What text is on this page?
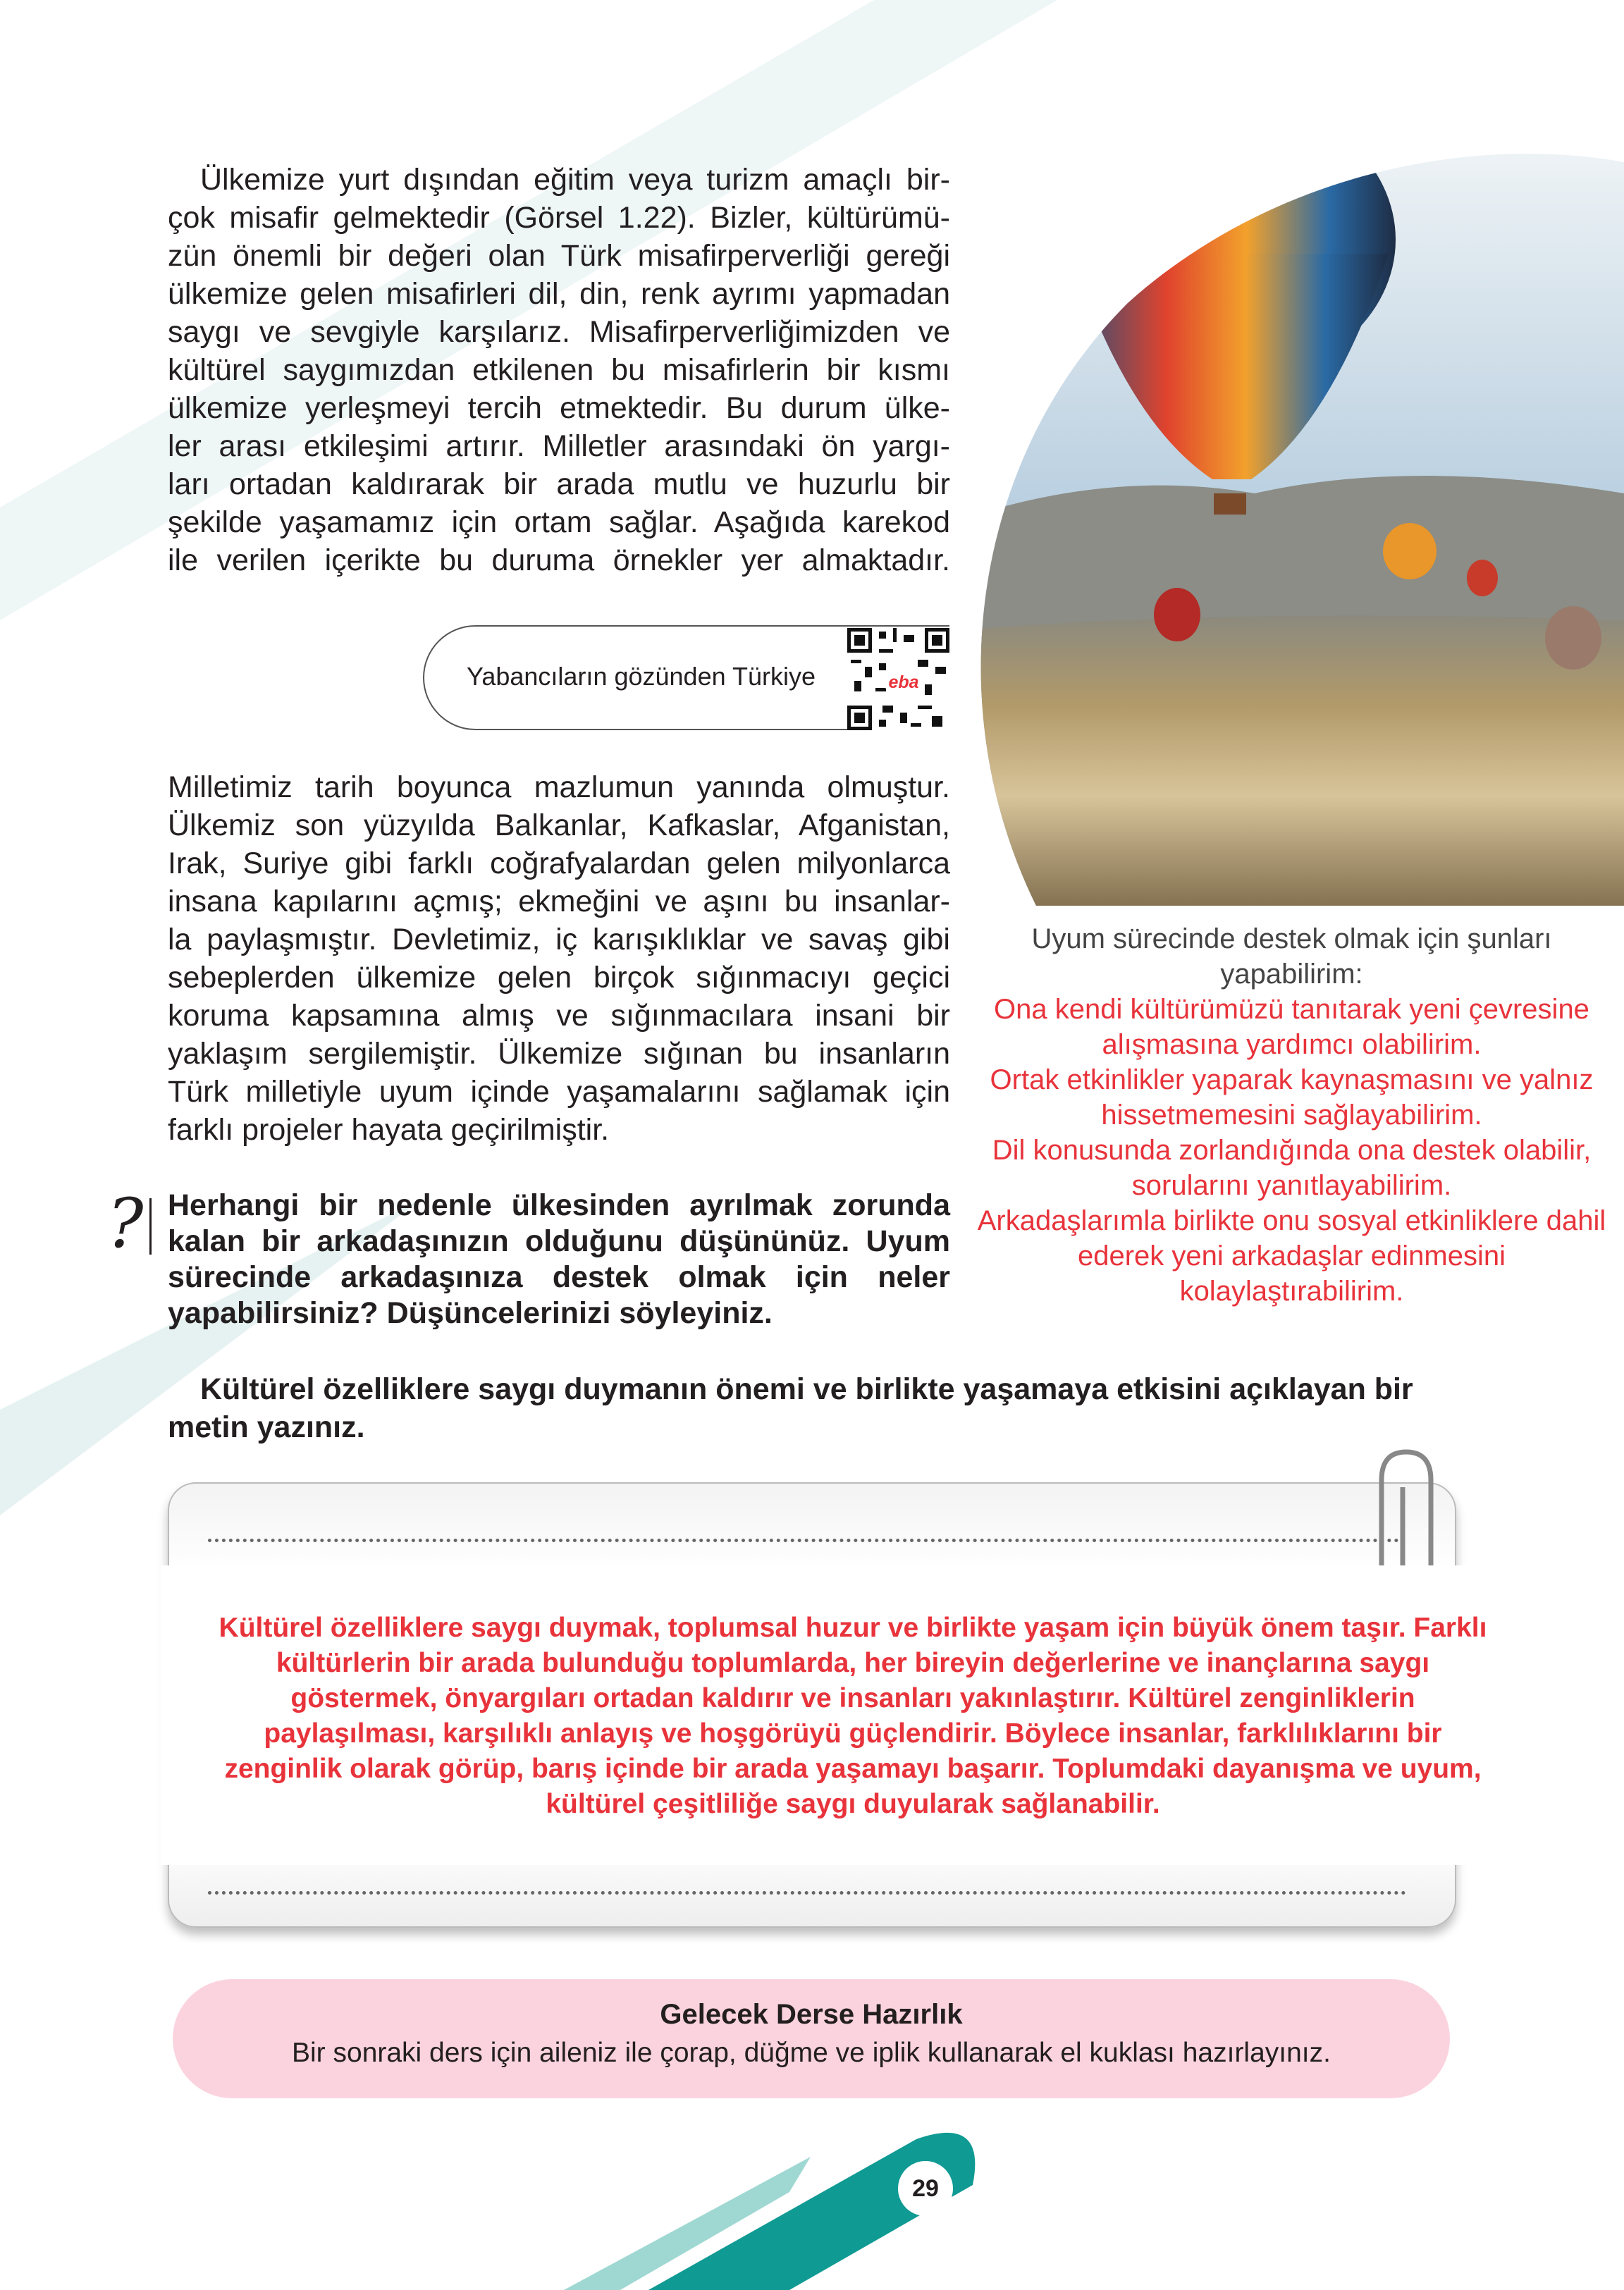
Ülkemize yurt dışından eğitim veya turizm amaçlı bir-
çok misafir gelmektedir (Görsel 1.22). Bizler, kültürümü-
zün önemli bir değeri olan Türk misafirperverliği gereği
ülkemize gelen misafirleri dil, din, renk ayrımı yapmadan
saygı ve sevgiyle karşılarız. Misafirperverliğimizden ve
kültürel saygımızdan etkilenen bu misafirlerin bir kısmı
ülkemize yerleşmeyi tercih etmektedir. Bu durum ülke-
ler arası etkileşimi artırır. Milletler arasındaki ön yargı-
ları ortadan kaldırarak bir arada mutlu ve huzurlu bir
şekilde yaşamamız için ortam sağlar. Aşağıda karekod
ile verilen içerikte bu duruma örnekler yer almaktadır.
Yabancıların gözünden Türkiye	eba
Milletimiz tarih boyunca mazlumun yanında olmuştur.
Ülkemiz son yüzyılda Balkanlar, Kafkaslar, Afganistan,
Irak, Suriye gibi farklı coğrafyalardan gelen milyonlarca
insana kapılarını açmış; ekmeğini ve aşını bu insanlar-
la paylaşmıştır. Devletimiz, iç karışıklıklar ve savaş gibi
sebeplerden ülkemize gelen birçok sığınmacıyı geçici
koruma kapsamına almış ve sığınmacılara insani bir
yaklaşım sergilemiştir. Ülkemize sığınan bu insanların
Türk milletiyle uyum içinde yaşamalarını sağlamak için
farklı projeler hayata geçirilmiştir.
? Herhangi bir nedenle ülkesinden ayrılmak zorunda
kalan bir arkadaşınızın olduğunu düşününüz. Uyum
sürecinde arkadaşınıza destek olmak için neler
yapabilirsiniz? Düşüncelerinizi söyleyiniz.
Uyum sürecinde destek olmak için şunları
yapabilirim:
Ona kendi kültürümüzü tanıtarak yeni çevresine
alışmasına yardımcı olabilirim.
Ortak etkinlikler yaparak kaynaşmasını ve yalnız
hissetmemesini sağlayabilirim.
Dil konusunda zorlandığında ona destek olabilir,
sorularını yanıtlayabilirim.
Arkadaşlarımla birlikte onu sosyal etkinliklere dahil
ederek yeni arkadaşlar edinmesini
kolaylaştırabilirim.
Kültürel özelliklere saygı duymanın önemi ve birlikte yaşamaya etkisini açıklayan bir metin yazınız.
Kültürel özelliklere saygı duymak, toplumsal huzur ve birlikte yaşam için büyük önem taşır. Farklı
kültürlerin bir arada bulunduğu toplumlarda, her bireyin değerlerine ve inançlarına saygı
göstermek, önyargıları ortadan kaldırır ve insanları yakınlaştırır. Kültürel zenginliklerin
paylaşılması, karşılıklı anlayış ve hoşgörüyü güçlendirir. Böylece insanlar, farklılıklarını bir
zenginlik olarak görüp, barış içinde bir arada yaşamayı başarır. Toplumdaki dayanışma ve uyum,
kültürel çeşitliliğe saygı duyularak sağlanabilir.
Gelecek Derse Hazırlık
Bir sonraki ders için aileniz ile çorap, düğme ve iplik kullanarak el kuklası hazırlayınız.
29
